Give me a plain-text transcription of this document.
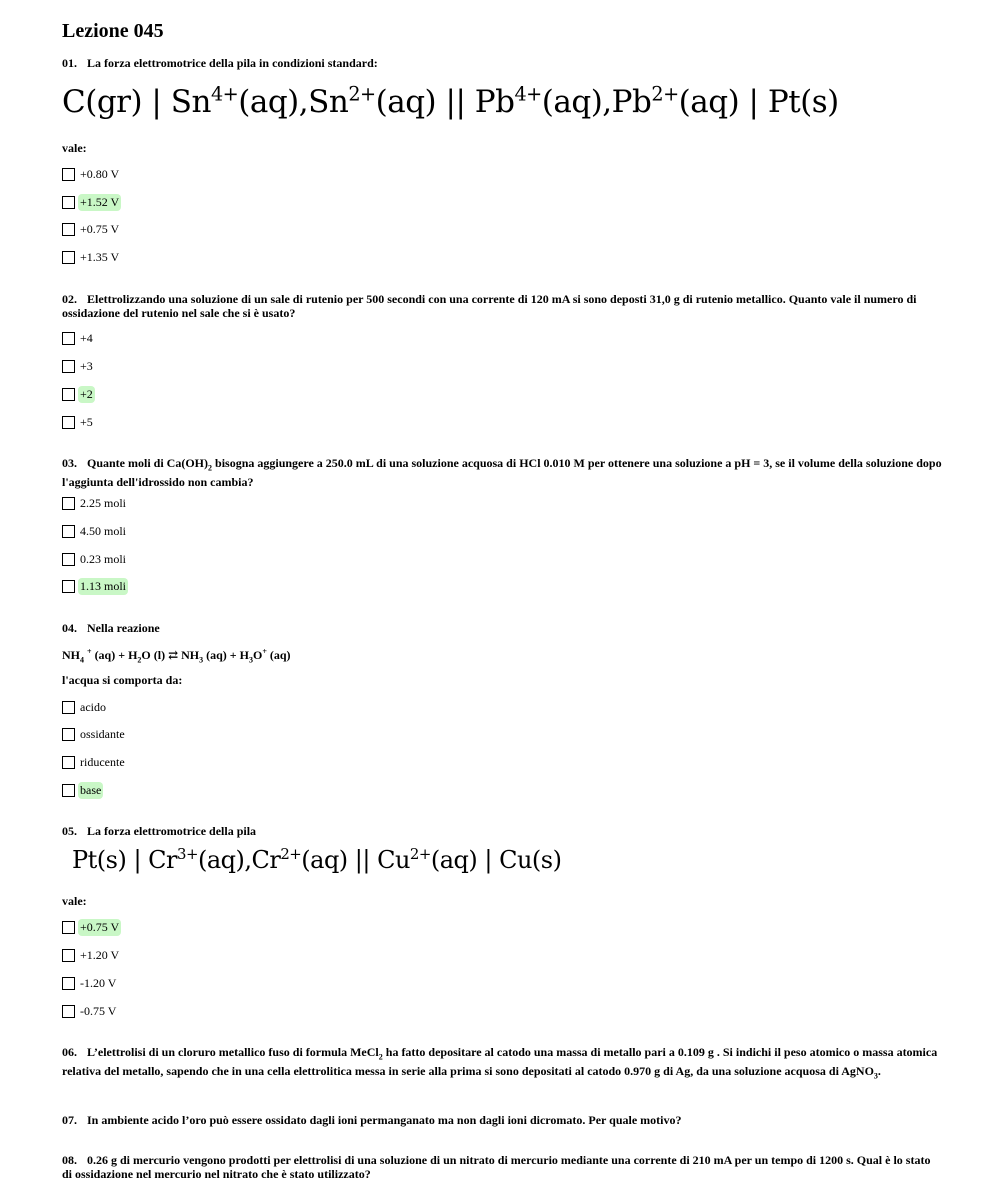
Lezione 045
01. La forza elettromotrice della pila in condizioni standard:
C(gr) | $Sn^{4+}(aq),Sn^{2+}(aq)$ || $Pb^{4+}(aq),Pb^{2+}(aq)$ | Pt(s)
vale:
+0.80 V
+1.52 V
+0.75 V
+1.35 V
02. Elettrolizzando una soluzione di un sale di rutenio per 500 secondi con una corrente di 120 mA si sono deposti 31,0 g di rutenio metallico. Quanto vale il numero di ossidazione del rutenio nel sale che si è usato?
+4
+3
+2
+5
03. Quante moli di $Ca(OH)_2$ bisogna aggiungere a 250.0 mL di una soluzione acquosa di HCl 0.010 M per ottenere una soluzione a pH = 3, se il volume della soluzione dopo l'aggiunta dell'idrossido non cambia?
2.25 moli
4.50 moli
0.23 moli
1.13 moli
04. Nella reazione
$NH_4$ + $(aq) + H_2O$ (l) ⇄ $NH_3$ $(aq) + H_3O^+$ (aq)
l'acqua si comporta da:
acido
ossidante
riducente
base
05. La forza elettromotrice della pila
Pt(s) | $Cr^{3+}(aq),Cr^{2+}(aq)$ || $Cu^{2+}(aq)$ | Cu(s)
vale:
+0.75 V
+1.20 V
-1.20 V
-0.75 V
06. L’elettrolisi di un cloruro metallico fuso di formula MeCl$_2$ ha fatto depositare al catodo una massa di metallo pari a 0.109 g . Si indichi il peso atomico o massa atomica relativa del metallo, sapendo che in una cella elettrolitica messa in serie alla prima si sono depositati al catodo 0.970 g di Ag, da una soluzione acquosa di AgNO$_3$.
07. In ambiente acido l’oro può essere ossidato dagli ioni permanganato ma non dagli ioni dicromato. Per quale motivo?
08. 0.26 g di mercurio vengono prodotti per elettrolisi di una soluzione di un nitrato di mercurio mediante una corrente di 210 mA per un tempo di 1200 s. Qual è lo stato di ossidazione nel mercurio nel nitrato che è stato utilizzato?
